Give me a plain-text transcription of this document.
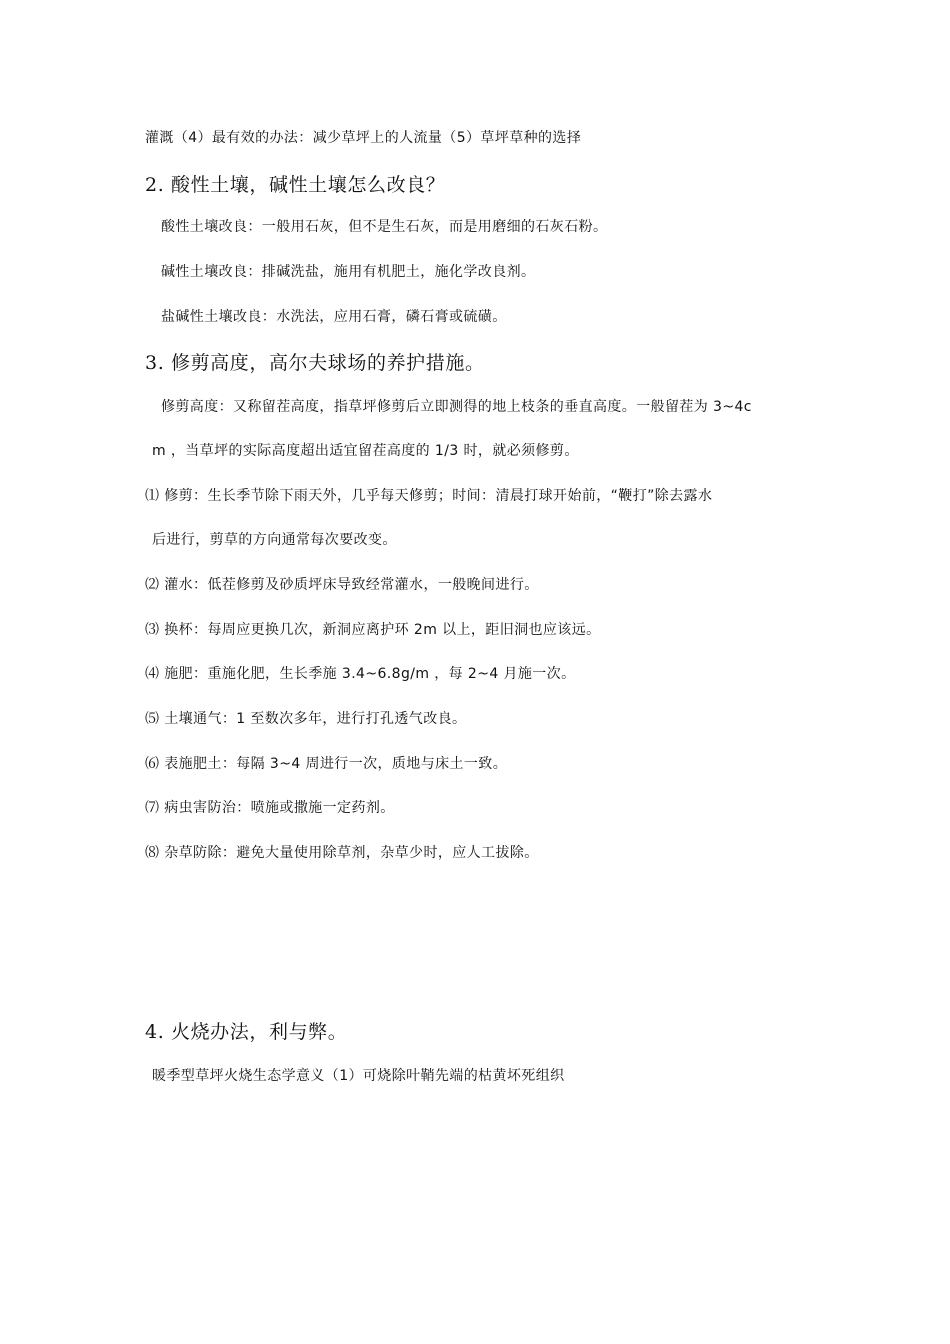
灌溉（4）最有效的办法：减少草坪上的人流量（5）草坪草种的选择
2. 酸性土壤，碱性土壤怎么改良？
酸性土壤改良：一般用石灰，但不是生石灰，而是用磨细的石灰石粉。
碱性土壤改良：排碱洗盐，施用有机肥土，施化学改良剂。
盐碱性土壤改良：水洗法，应用石膏，磷石膏或硫磺。
3. 修剪高度，高尔夫球场的养护措施。
修剪高度：又称留茬高度，指草坪修剪后立即测得的地上枝条的垂直高度。一般留茬为 3~4c
m ，当草坪的实际高度超出适宜留茬高度的 1/3 时，就必须修剪。
⑴ 修剪：生长季节除下雨天外，几乎每天修剪；时间：清晨打球开始前，“鞭打”除去露水
后进行，剪草的方向通常每次要改变。
⑵ 灌水：低茬修剪及砂质坪床导致经常灌水，一般晚间进行。
⑶ 换杯：每周应更换几次，新洞应离护环 2m 以上，距旧洞也应该远。
⑷ 施肥：重施化肥，生长季施 3.4~6.8g/m ，每 2~4 月施一次。
⑸ 土壤通气：1 至数次多年，进行打孔透气改良。
⑹ 表施肥土：每隔 3~4 周进行一次，质地与床土一致。
⑺ 病虫害防治：喷施或撒施一定药剂。
⑻ 杂草防除：避免大量使用除草剂，杂草少时，应人工拔除。
4. 火烧办法，利与弊。
暖季型草坪火烧生态学意义（1）可烧除叶鞘先端的枯黄坏死组织
